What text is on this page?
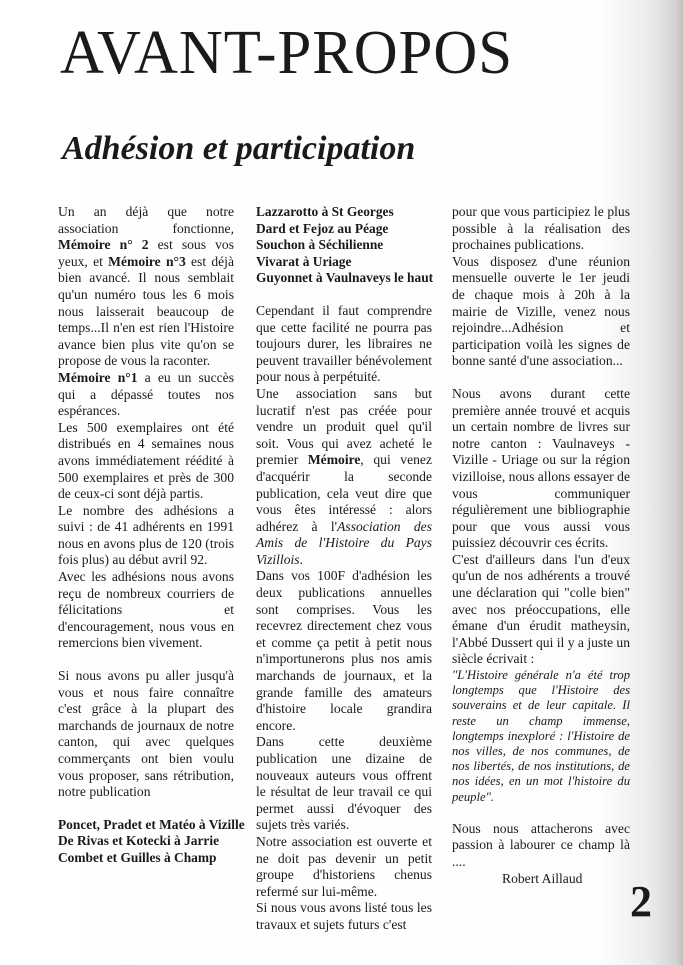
AVANT-PROPOS
Adhésion et participation

Un an déjà que notre association fonctionne, Mémoire n° 2 est sous vos yeux, et Mémoire n°3 est déjà bien avancé. Il nous semblait qu'un numéro tous les 6 mois nous laisserait beaucoup de temps...Il n'en est rien l'Histoire avance bien plus vite qu'on se propose de vous la raconter.

Mémoire n°1 a eu un succès qui a dépassé toutes nos espérances.

Les 500 exemplaires ont été distribués en 4 semaines nous avons immédiatement réédité à 500 exemplaires et près de 300 de ceux-ci sont déjà partis.

Le nombre des adhésions a suivi : de 41 adhérents en 1991 nous en avons plus de 120 (trois fois plus) au début avril 92.

Avec les adhésions nous avons reçu de nombreux courriers de félicitations et d'encouragement, nous vous en remercions bien vivement.

Si nous avons pu aller jusqu'à vous et nous faire connaître c'est grâce à la plupart des marchands de journaux de notre canton, qui avec quelques commerçants ont bien voulu vous proposer, sans rétribution, notre publication

Poncet, Pradet et Matéo à Vizille

De Rivas et Kotecki à Jarrie

Combet et Guilles à Champ

Lazzarotto à St Georges

Dard et Fejoz au Péage

Souchon à Séchilienne

Vivarat à Uriage

Guyonnet à Vaulnaveys le haut

Cependant il faut comprendre que cette facilité ne pourra pas toujours durer, les libraires ne peuvent travailler bénévolement pour nous à perpétuité.

Une association sans but lucratif n'est pas créée pour vendre un produit quel qu'il soit. Vous qui avez acheté le premier Mémoire, qui venez d'acquérir la seconde publication, cela veut dire que vous êtes intéressé : alors adhérez à l'Association des Amis de l'Histoire du Pays Vizillois.

Dans vos 100F d'adhésion les deux publications annuelles sont comprises. Vous les recevrez directement chez vous et comme ça petit à petit nous n'importunerons plus nos amis marchands de journaux, et la grande famille des amateurs d'histoire locale grandira encore.

Dans cette deuxième publication une dizaine de nouveaux auteurs vous offrent le résultat de leur travail ce qui permet aussi d'évoquer des sujets très variés.

Notre association est ouverte et ne doit pas devenir un petit groupe d'historiens chenus refermé sur lui-même.

Si nous vous avons listé tous les travaux et sujets futurs c'est

pour que vous participiez le plus possible à la réalisation des prochaines publications.

Vous disposez d'une réunion mensuelle ouverte le 1er jeudi de chaque mois à 20h à la mairie de Vizille, venez nous rejoindre...Adhésion et participation voilà les signes de bonne santé d'une association...

Nous avons durant cette première année trouvé et acquis un certain nombre de livres sur notre canton : Vaulnaveys - Vizille - Uriage ou sur la région vizilloise, nous allons essayer de vous communiquer régulièrement une bibliographie pour que vous aussi vous puissiez découvrir ces écrits.

C'est d'ailleurs dans l'un d'eux qu'un de nos adhérents a trouvé une déclaration qui "colle bien" avec nos préoccupations, elle émane d'un érudit matheysin, l'Abbé Dussert qui il y a juste un siècle écrivait :

"L'Histoire générale n'a été trop longtemps que l'Histoire des souverains et de leur capitale. Il reste un champ immense, longtemps inexploré : l'Histoire de nos villes, de nos communes, de nos libertés, de nos institutions, de nos idées, en un mot l'histoire du peuple".

Nous nous attacherons avec passion à labourer ce champ là ....

Robert Aillaud	2
